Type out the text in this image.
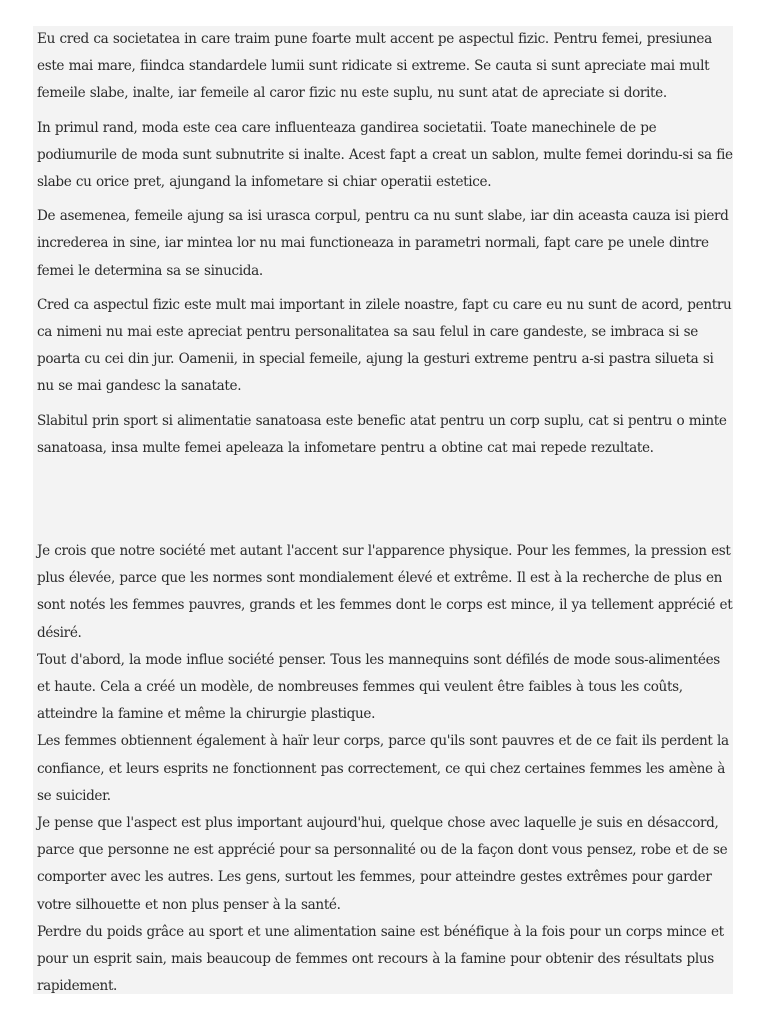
Eu cred ca societatea in care traim pune foarte mult accent pe aspectul fizic. Pentru femei, presiunea este mai mare, fiindca standardele lumii sunt ridicate si extreme. Se cauta si sunt apreciate mai mult femeile slabe, inalte, iar femeile al caror fizic nu este suplu, nu sunt atat de apreciate si dorite.

In primul rand, moda este cea care influenteaza gandirea societatii. Toate manechinele de pe podiumurile de moda sunt subnutrite si inalte. Acest fapt a creat un sablon, multe femei dorindu-si sa fie slabe cu orice pret, ajungand la infometare si chiar operatii estetice.

De asemenea, femeile ajung sa isi urasca corpul, pentru ca nu sunt slabe, iar din aceasta cauza isi pierd increderea in sine, iar mintea lor nu mai functioneaza in parametri normali, fapt care pe unele dintre femei le determina sa se sinucida.

Cred ca aspectul fizic este mult mai important in zilele noastre, fapt cu care eu nu sunt de acord, pentru ca nimeni nu mai este apreciat pentru personalitatea sa sau felul in care gandeste, se imbraca si se poarta cu cei din jur. Oamenii, in special femeile, ajung la gesturi extreme pentru a-si pastra silueta si nu se mai gandesc la sanatate.

Slabitul prin sport si alimentatie sanatoasa este benefic atat pentru un corp suplu, cat si pentru o minte sanatoasa, insa multe femei apeleaza la infometare pentru a obtine cat mai repede rezultate.

Je crois que notre société met autant l'accent sur l'apparence physique. Pour les femmes, la pression est plus élevée, parce que les normes sont mondialement élevé et extrême. Il est à la recherche de plus en sont notés les femmes pauvres, grands et les femmes dont le corps est mince, il ya tellement apprécié et désiré.

Tout d'abord, la mode influe société penser. Tous les mannequins sont défilés de mode sous-alimentées et haute. Cela a créé un modèle, de nombreuses femmes qui veulent être faibles à tous les coûts, atteindre la famine et même la chirurgie plastique.

Les femmes obtiennent également à haïr leur corps, parce qu'ils sont pauvres et de ce fait ils perdent la confiance, et leurs esprits ne fonctionnent pas correctement, ce qui chez certaines femmes les amène à se suicider.

Je pense que l'aspect est plus important aujourd'hui, quelque chose avec laquelle je suis en désaccord, parce que personne ne est apprécié pour sa personnalité ou de la façon dont vous pensez, robe et de se comporter avec les autres. Les gens, surtout les femmes, pour atteindre gestes extrêmes pour garder votre silhouette et non plus penser à la santé.

Perdre du poids grâce au sport et une alimentation saine est bénéfique à la fois pour un corps mince et pour un esprit sain, mais beaucoup de femmes ont recours à la famine pour obtenir des résultats plus rapidement.
